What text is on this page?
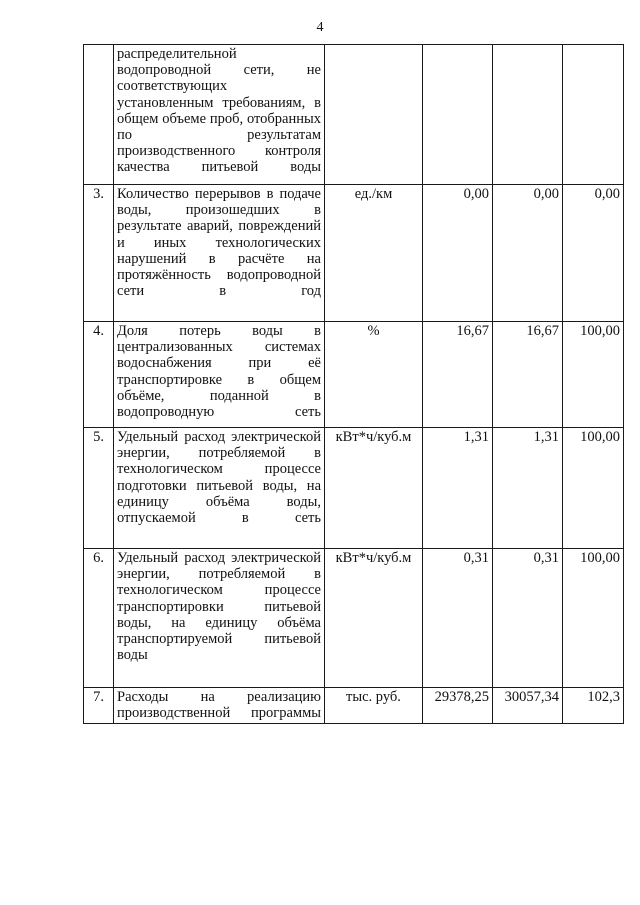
4
	распределительной водопроводной сети, не соответствующих установленным требованиям, в общем объеме проб, отобранных по результатам производственного контроля качества питьевой воды				
3.	Количество перерывов в подаче воды, произошедших в результате аварий, повреждений и иных технологических нарушений в расчёте на протяжённость водопроводной сети в год	ед./км	0,00	0,00	0,00
4.	Доля потерь воды в централизованных системах водоснабжения при её транспортировке в общем объёме, поданной в водопроводную сеть	%	16,67	16,67	100,00
5.	Удельный расход электрической энергии, потребляемой в технологическом процессе подготовки питьевой воды, на единицу объёма воды, отпускаемой в сеть	кВт*ч/куб.м	1,31	1,31	100,00
6.	Удельный расход электрической энергии, потребляемой в технологическом процессе транспортировки питьевой воды, на единицу объёма транспортируемой питьевой воды	кВт*ч/куб.м	0,31	0,31	100,00
7.	Расходы на реализацию производственной программы	тыс. руб.	29378,25	30057,34	102,3
